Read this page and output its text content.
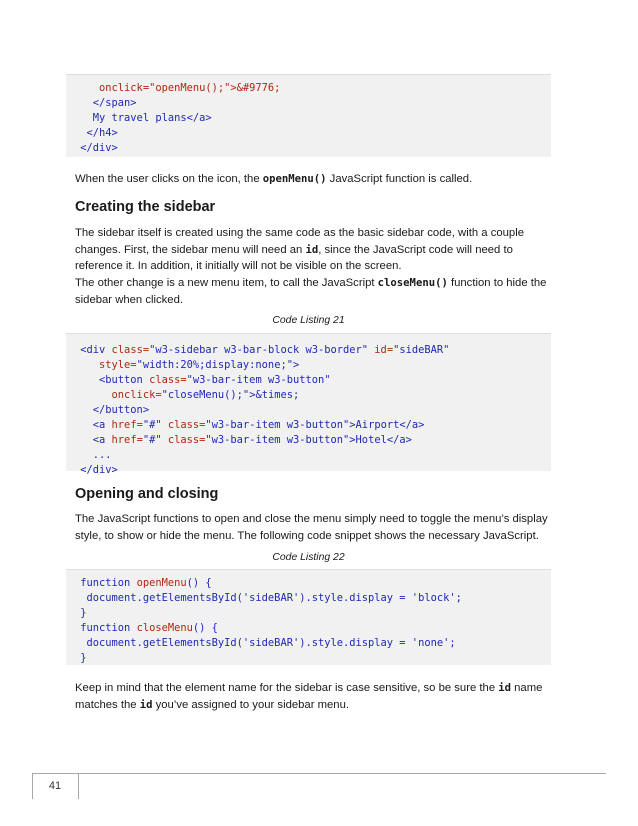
onclick="openMenu();">&#9776;
</span>
My travel plans</a>
</h4>
</div>
When the user clicks on the icon, the openMenu() JavaScript function is called.
Creating the sidebar
The sidebar itself is created using the same code as the basic sidebar code, with a couple changes. First, the sidebar menu will need an id, since the JavaScript code will need to reference it. In addition, it initially will not be visible on the screen.
The other change is a new menu item, to call the JavaScript closeMenu() function to hide the sidebar when clicked.
Code Listing 21
<div class="w3-sidebar w3-bar-block w3-border" id="sideBAR"
style="width:20%;display:none;">
<button class="w3-bar-item w3-button"
onclick="closeMenu();">&times;
</button>
<a href="#" class="w3-bar-item w3-button">Airport</a>
<a href="#" class="w3-bar-item w3-button">Hotel</a>
...
</div>
Opening and closing
The JavaScript functions to open and close the menu simply need to toggle the menu’s display style, to show or hide the menu. The following code snippet shows the necessary JavaScript.
Code Listing 22
function openMenu() {
document.getElementsById('sideBAR').style.display = 'block';
}
function closeMenu() {
document.getElementsById('sideBAR').style.display = 'none';
}
Keep in mind that the element name for the sidebar is case sensitive, so be sure the id name matches the id you’ve assigned to your sidebar menu.
41
